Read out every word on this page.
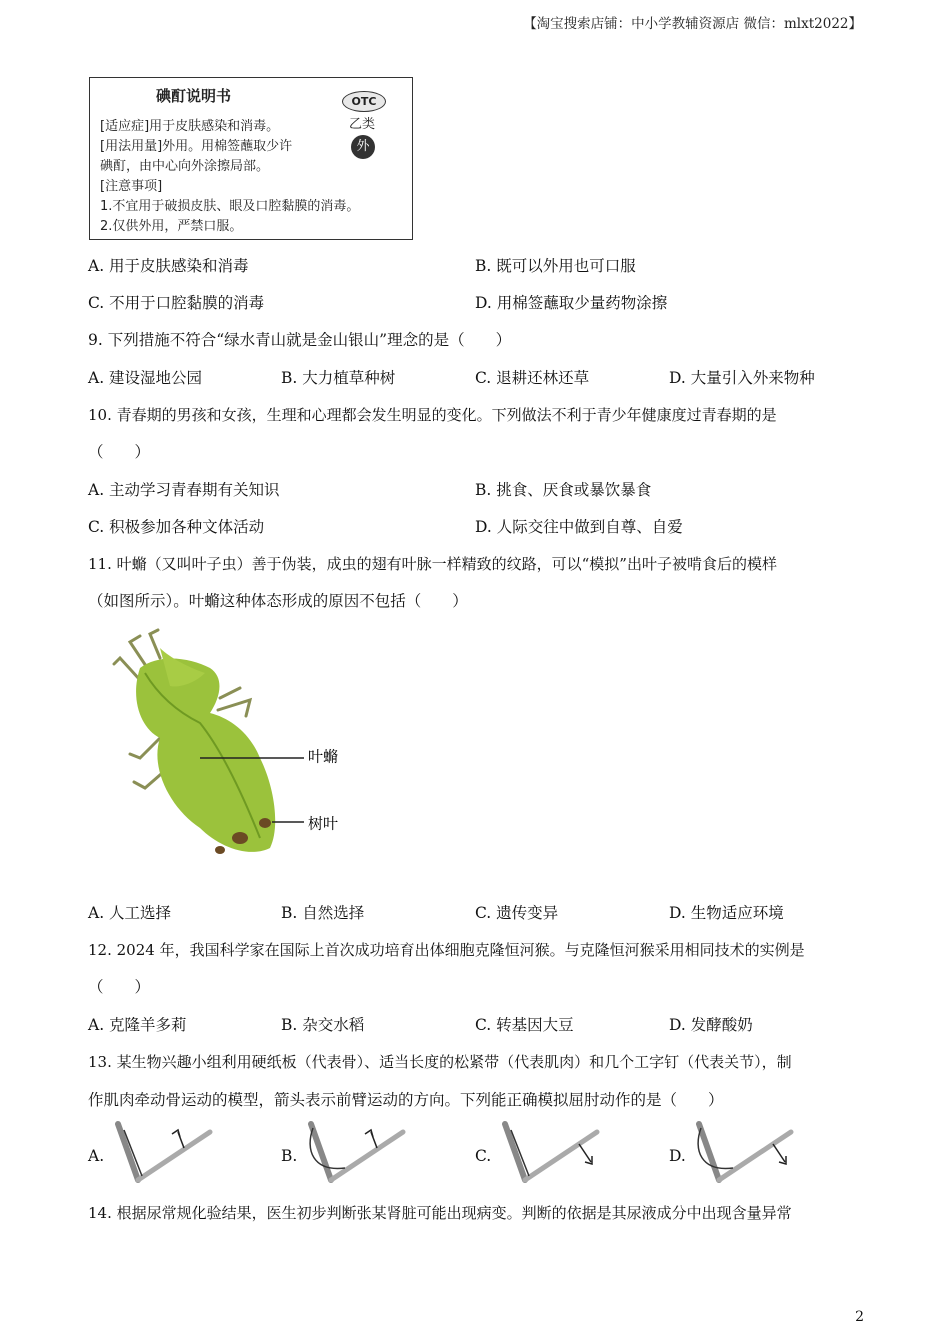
【淘宝搜索店铺：中小学教辅资源店 微信：mlxt2022】
碘酊说明书	OTC
乙类
外
[适应症]用于皮肤感染和消毒。
[用法用量]外用。用棉签蘸取少许
碘酊，由中心向外涂擦局部。
[注意事项]
1.不宜用于破损皮肤、眼及口腔黏膜的消毒。
2.仅供外用，严禁口服。
A. 用于皮肤感染和消毒	B. 既可以外用也可口服
C. 不用于口腔黏膜的消毒	D. 用棉签蘸取少量药物涂擦
9. 下列措施不符合“绿水青山就是金山银山”理念的是（　　）
A. 建设湿地公园	B. 大力植草种树	C. 退耕还林还草	D. 大量引入外来物种
10. 青春期的男孩和女孩，生理和心理都会发生明显的变化。下列做法不利于青少年健康度过青春期的是
（　　）
A. 主动学习青春期有关知识	B. 挑食、厌食或暴饮暴食
C. 积极参加各种文体活动	D. 人际交往中做到自尊、自爱
11. 叶䗛（又叫叶子虫）善于伪装，成虫的翅有叶脉一样精致的纹路，可以“模拟”出叶子被啃食后的模样
（如图所示）。叶䗛这种体态形成的原因不包括（　　）
叶䗛
树叶
A. 人工选择	B. 自然选择	C. 遗传变异	D. 生物适应环境
12. 2024 年，我国科学家在国际上首次成功培育出体细胞克隆恒河猴。与克隆恒河猴采用相同技术的实例是
（　　）
A. 克隆羊多莉	B. 杂交水稻	C. 转基因大豆	D. 发酵酸奶
13. 某生物兴趣小组利用硬纸板（代表骨）、适当长度的松紧带（代表肌肉）和几个工字钉（代表关节），制
作肌肉牵动骨运动的模型，箭头表示前臂运动的方向。下列能正确模拟屈肘动作的是（　　）
A.	B.	C.	D.
14. 根据尿常规化验结果，医生初步判断张某肾脏可能出现病变。判断的依据是其尿液成分中出现含量异常
2
